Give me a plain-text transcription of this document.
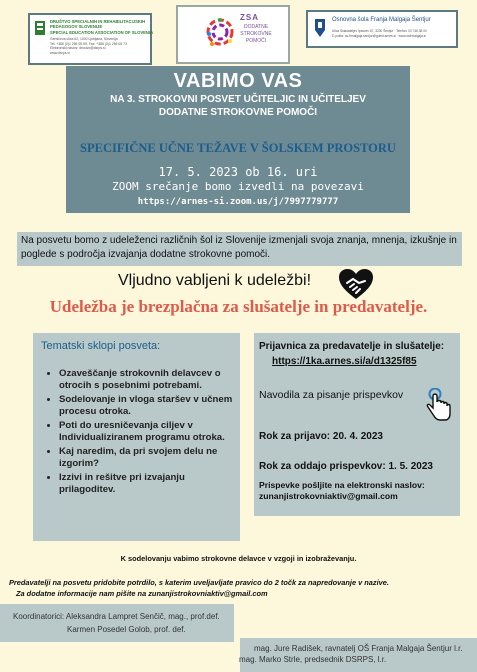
DRUŠTVO SPECIALNIH IN REHABILITACIJSKIH
PEDAGOGOV SLOVENIJE
SPECIAL EDUCATION ASSOCIATION OF SLOVENIA
Gerbičeva ulica 62, 1000 Ljubljana, Slovenija
Tel: +386 (0)1 256 05 69, Fax: +386 (0)1 256 05 73
Elektronski naslov: drustvo@dsrps.si
www.dsrps.si
ZSA
DODATNE
STROKOVNE
POMOČI
Osnovna šola Franja Malgaja Šentjur
Ulica Skladateljev Ipavcev 67, 3230 Šentjur · Telefon: 03 746 38 00
E-pošta: os-frmalgaja.sentjur@guest.arnes.si · www.osfrmalgaja.si
VABIMO VAS
NA 3. STROKOVNI POSVET UČITELJIC IN UČITELJEV
DODATNE STROKOVNE POMOČI
SPECIFIČNE UČNE TEŽAVE V ŠOLSKEM PROSTORU
17. 5. 2023 ob 16. uri
ZOOM srečanje bomo izvedli na povezavi
https://arnes-si.zoom.us/j/7997779777
Na posvetu bomo z udeleženci različnih šol iz Slovenije izmenjali svoja znanja, mnenja, izkušnje in poglede s področja izvajanja dodatne strokovne pomoči.
Vljudno vabljeni k udeležbi!
Udeležba je brezplačna za slušatelje in predavatelje.
Tematski sklopi posveta:
• Ozaveščanje strokovnih delavcev o otrocih s posebnimi potrebami.
• Sodelovanje in vloga staršev v učnem procesu otroka.
• Poti do uresničevanja ciljev v Individualiziranem programu otroka.
• Kaj naredim, da pri svojem delu ne izgorim?
• Izzivi in rešitve pri izvajanju prilagoditev.
Prijavnica za predavatelje in slušatelje:
https://1ka.arnes.si/a/d1325f85
Navodila za pisanje prispevkov
Rok za prijavo: 20. 4. 2023
Rok za oddajo prispevkov: 1. 5. 2023
Prispevke pošljite na elektronski naslov:
zunanjistrokovniaktiv@gmail.com
K sodelovanju vabimo strokovne delavce v vzgoji in izobraževanju.
Predavatelji na posvetu pridobite potrdilo, s katerim uveljavljate pravico do 2 točk za napredovanje v nazive.
Za dodatne informacije nam pišite na zunanjistrokovniaktiv@gmail.com
Koordinatorici: Aleksandra Lampret Senčič, mag., prof.def.
Karmen Posedel Golob, prof. def.
mag. Jure Radišek, ravnatelj OŠ Franja Malgaja Šentjur l.r.
mag. Marko Strle, predsednik DSRPS, l.r.
